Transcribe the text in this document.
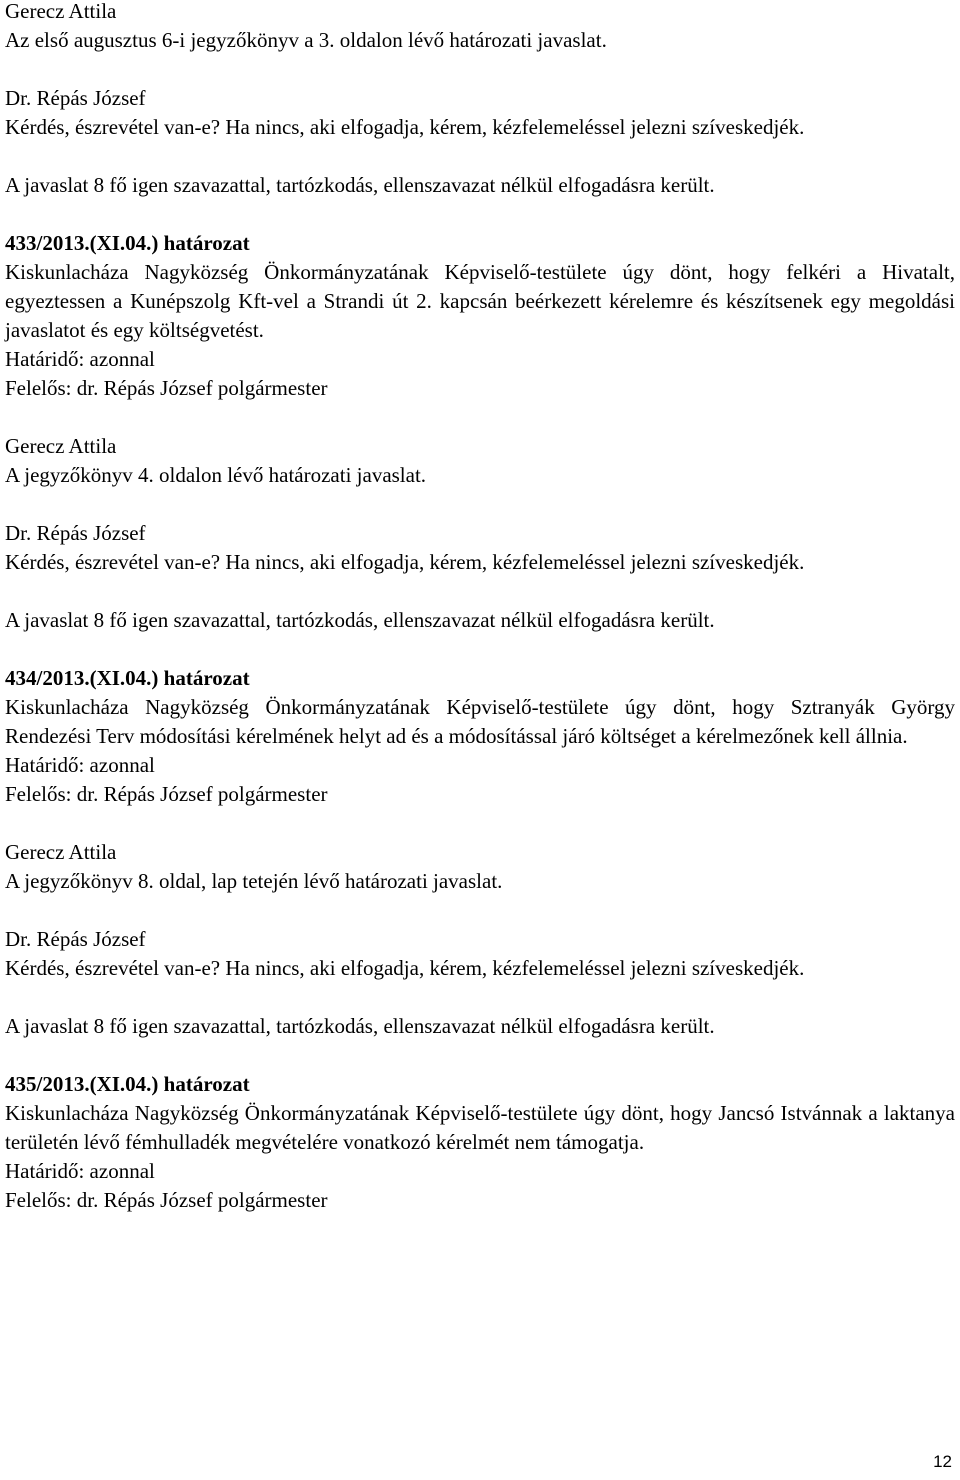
Gerecz Attila

Az első augusztus 6-i jegyzőkönyv a 3. oldalon lévő határozati javaslat.

Dr. Répás József

Kérdés, észrevétel van-e? Ha nincs, aki elfogadja, kérem, kézfelemeléssel jelezni szíveskedjék.

A javaslat 8 fő igen szavazattal, tartózkodás, ellenszavazat nélkül elfogadásra került.

433/2013.(XI.04.) határozat

Kiskunlacháza Nagyközség Önkormányzatának Képviselő-testülete úgy dönt, hogy felkéri a Hivatalt, egyeztessen a Kunépszolg Kft-vel a Strandi út 2. kapcsán beérkezett kérelemre és készítsenek egy megoldási javaslatot és egy költségvetést.

Határidő: azonnal

Felelős: dr. Répás József polgármester

Gerecz Attila

A jegyzőkönyv 4. oldalon lévő határozati javaslat.

Dr. Répás József

Kérdés, észrevétel van-e? Ha nincs, aki elfogadja, kérem, kézfelemeléssel jelezni szíveskedjék.

A javaslat 8 fő igen szavazattal, tartózkodás, ellenszavazat nélkül elfogadásra került.

434/2013.(XI.04.) határozat

Kiskunlacháza Nagyközség Önkormányzatának Képviselő-testülete úgy dönt, hogy Sztranyák György Rendezési Terv módosítási kérelmének helyt ad és a módosítással járó költséget a kérelmezőnek kell állnia.

Határidő: azonnal

Felelős: dr. Répás József polgármester

Gerecz Attila

A jegyzőkönyv 8. oldal, lap tetején lévő határozati javaslat.

Dr. Répás József

Kérdés, észrevétel van-e? Ha nincs, aki elfogadja, kérem, kézfelemeléssel jelezni szíveskedjék.

A javaslat 8 fő igen szavazattal, tartózkodás, ellenszavazat nélkül elfogadásra került.

435/2013.(XI.04.) határozat

Kiskunlacháza Nagyközség Önkormányzatának Képviselő-testülete úgy dönt, hogy Jancsó Istvánnak a laktanya területén lévő fémhulladék megvételére vonatkozó kérelmét nem támogatja.

Határidő: azonnal

Felelős: dr. Répás József polgármester

12
